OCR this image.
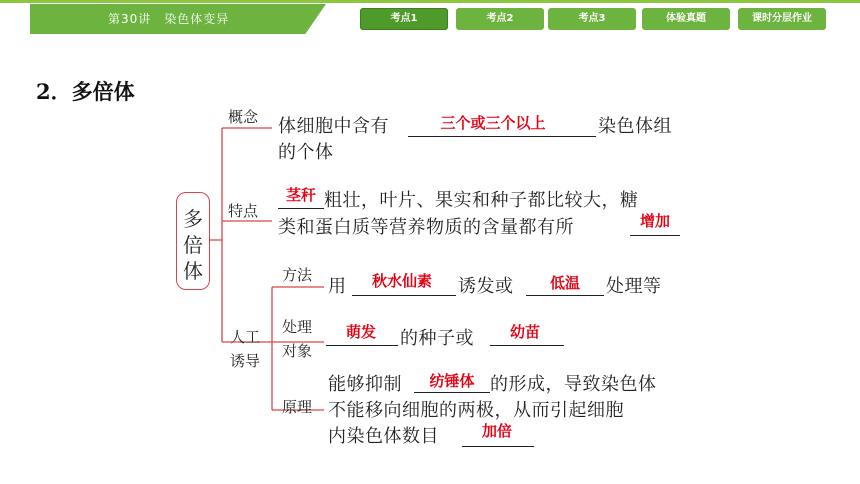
第30讲　染色体变异	考点1	考点2	考点3	体验真题	课时分层作业
2．多倍体
多
倍
体
概念 体细胞中含有	三个或三个以上	染色体组
的个体
特点
茎秆 粗壮，叶片、果实和种子都比较大，糖
类和蛋白质等营养物质的含量都有所	增加
人工
诱导
方法
用	秋水仙素	诱发或	低温	处理等
处理
对象
萌发	的种子或	幼苗
原理
能够抑制	纺锤体 的形成，导致染色体
不能移向细胞的两极，从而引起细胞
内染色体数目	加倍
